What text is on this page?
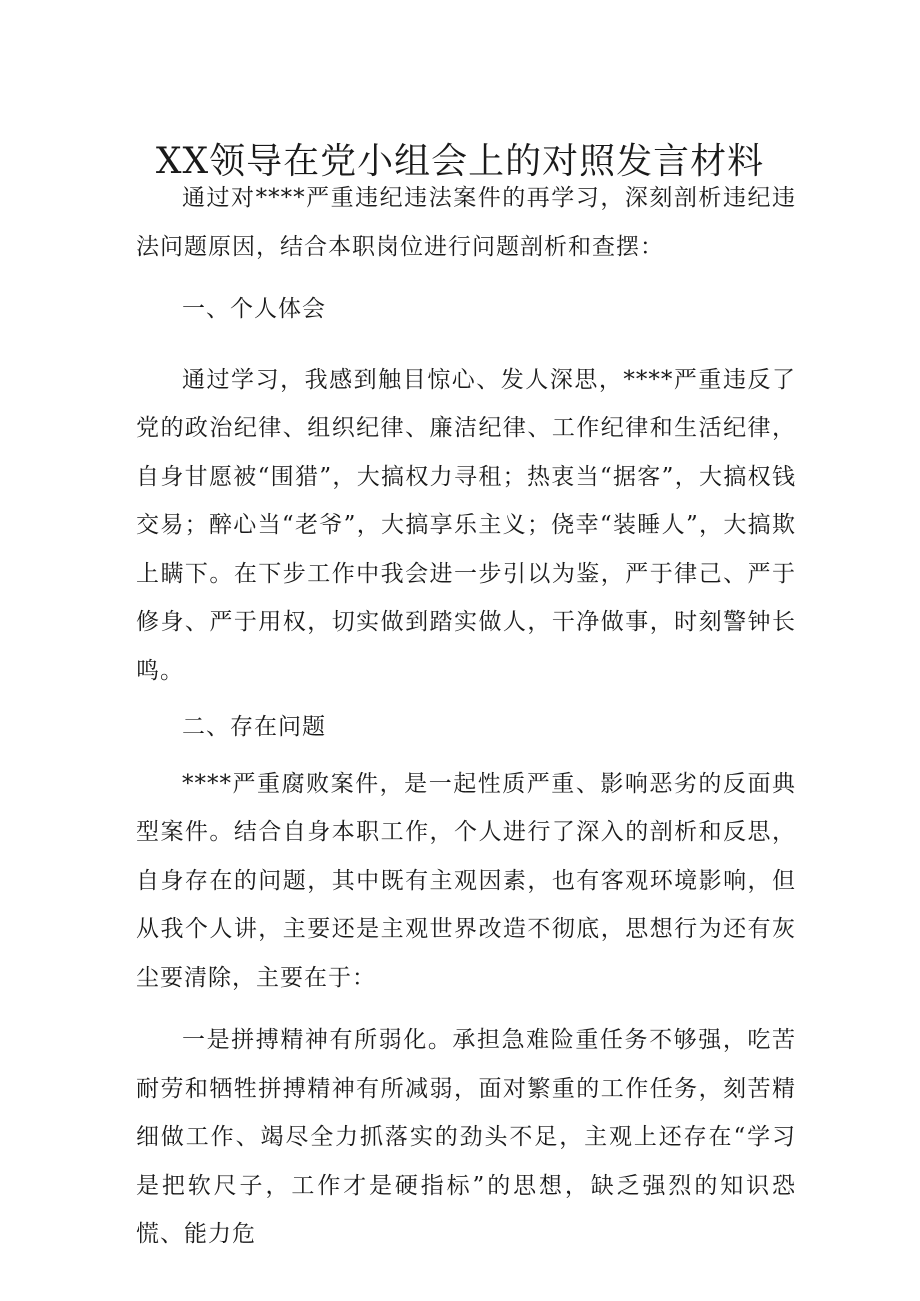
XX领导在党小组会上的对照发言材料

通过对****严重违纪违法案件的再学习，深刻剖析违纪违法问题原因，结合本职岗位进行问题剖析和查摆：

一、个人体会

通过学习，我感到触目惊心、发人深思，****严重违反了党的政治纪律、组织纪律、廉洁纪律、工作纪律和生活纪律，自身甘愿被“围猎”，大搞权力寻租；热衷当“据客”，大搞权钱交易；醉心当“老爷”，大搞享乐主义；侥幸“装睡人”，大搞欺上瞒下。在下步工作中我会进一步引以为鉴，严于律己、严于修身、严于用权，切实做到踏实做人，干净做事，时刻警钟长鸣。

二、存在问题

****严重腐败案件，是一起性质严重、影响恶劣的反面典型案件。结合自身本职工作，个人进行了深入的剖析和反思，自身存在的问题，其中既有主观因素，也有客观环境影响，但从我个人讲，主要还是主观世界改造不彻底，思想行为还有灰尘要清除，主要在于：

一是拼搏精神有所弱化。承担急难险重任务不够强，吃苦耐劳和牺牲拼搏精神有所减弱，面对繁重的工作任务，刻苦精细做工作、竭尽全力抓落实的劲头不足，主观上还存在“学习是把软尺子，工作才是硬指标”的思想，缺乏强烈的知识恐慌、能力危
